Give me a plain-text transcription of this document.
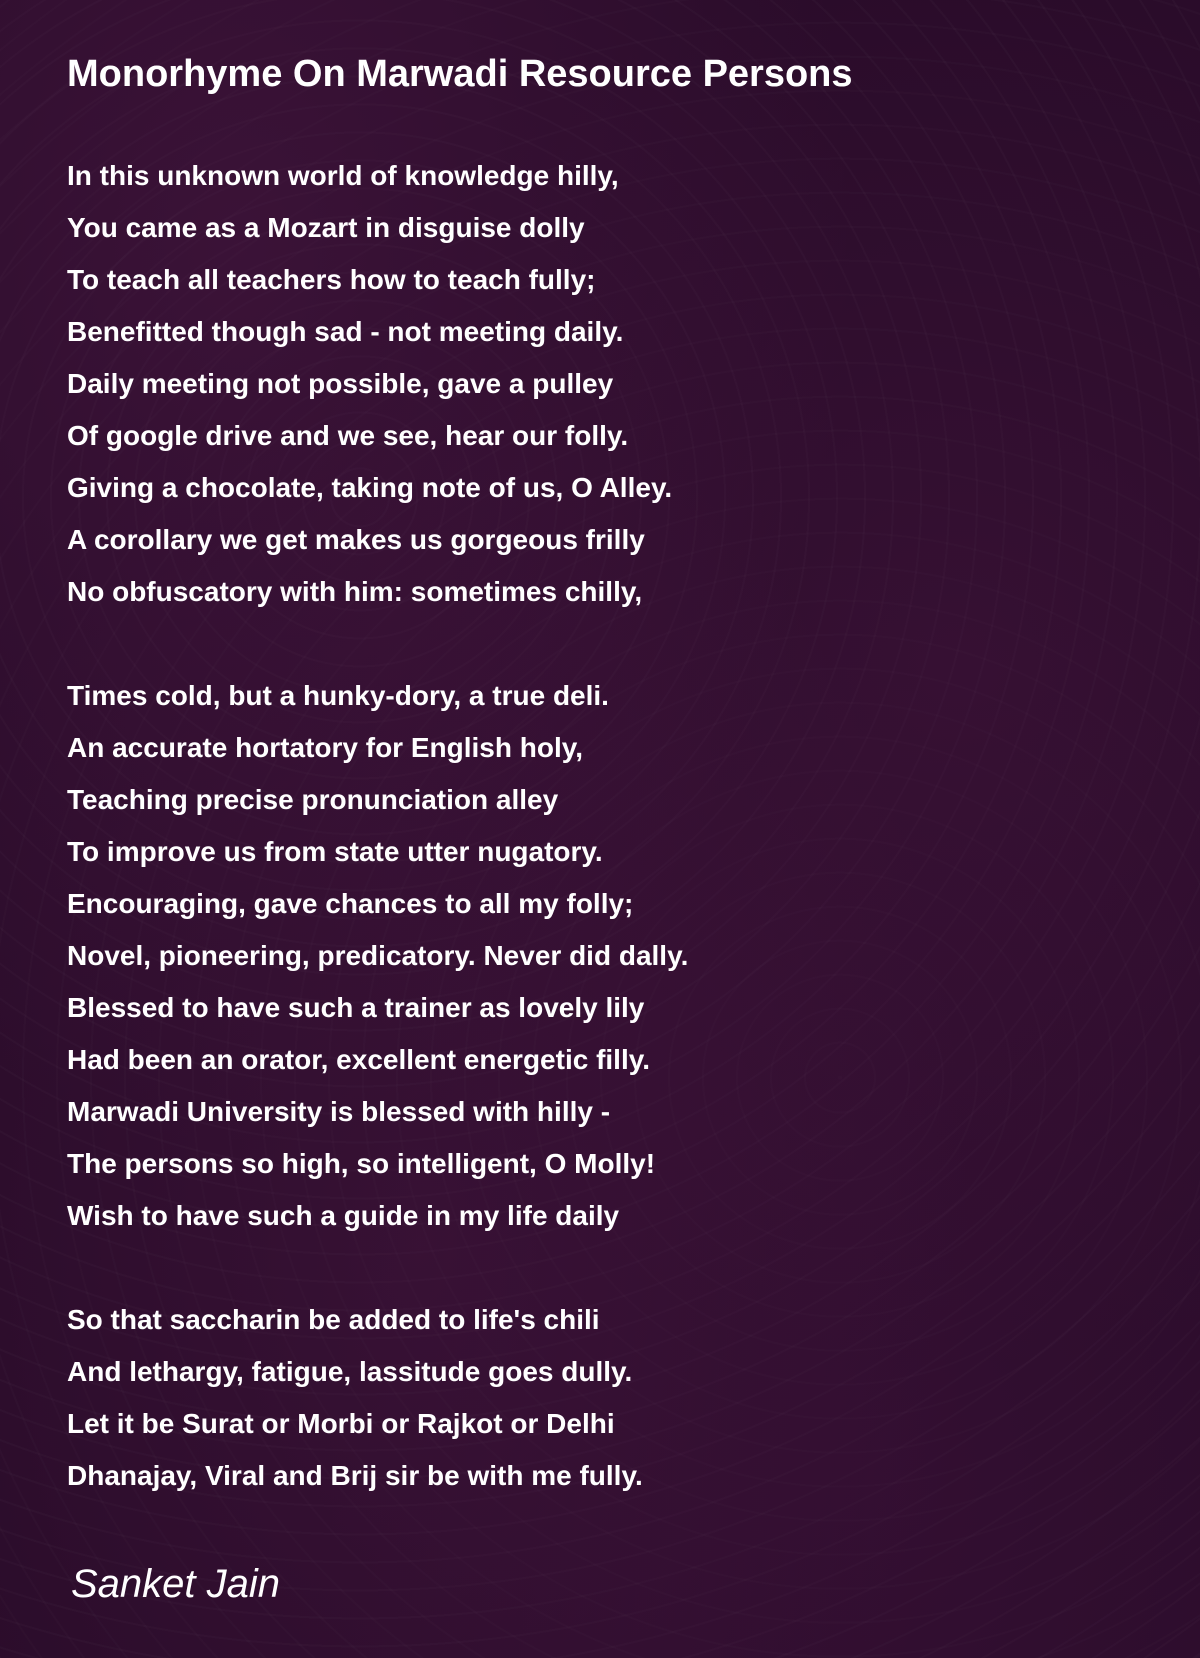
Monorhyme On Marwadi Resource Persons
In this unknown world of knowledge hilly,
You came as a Mozart in disguise dolly
To teach all teachers how to teach fully;
Benefitted though sad - not meeting daily.
Daily meeting not possible, gave a pulley
Of google drive and we see, hear our folly.
Giving a chocolate, taking note of us, O Alley.
A corollary we get makes us gorgeous frilly
No obfuscatory with him: sometimes chilly,
Times cold, but a hunky-dory, a true deli.
An accurate hortatory for English holy,
Teaching precise pronunciation alley
To improve us from state utter nugatory.
Encouraging, gave chances to all my folly;
Novel, pioneering, predicatory. Never did dally.
Blessed to have such a trainer as lovely lily
Had been an orator, excellent energetic filly.
Marwadi University is blessed with hilly -
The persons so high, so intelligent, O Molly!
Wish to have such a guide in my life daily
So that saccharin be added to life's chili
And lethargy, fatigue, lassitude goes dully.
Let it be Surat or Morbi or Rajkot or Delhi
Dhanajay, Viral and Brij sir be with me fully.

Sanket Jain
